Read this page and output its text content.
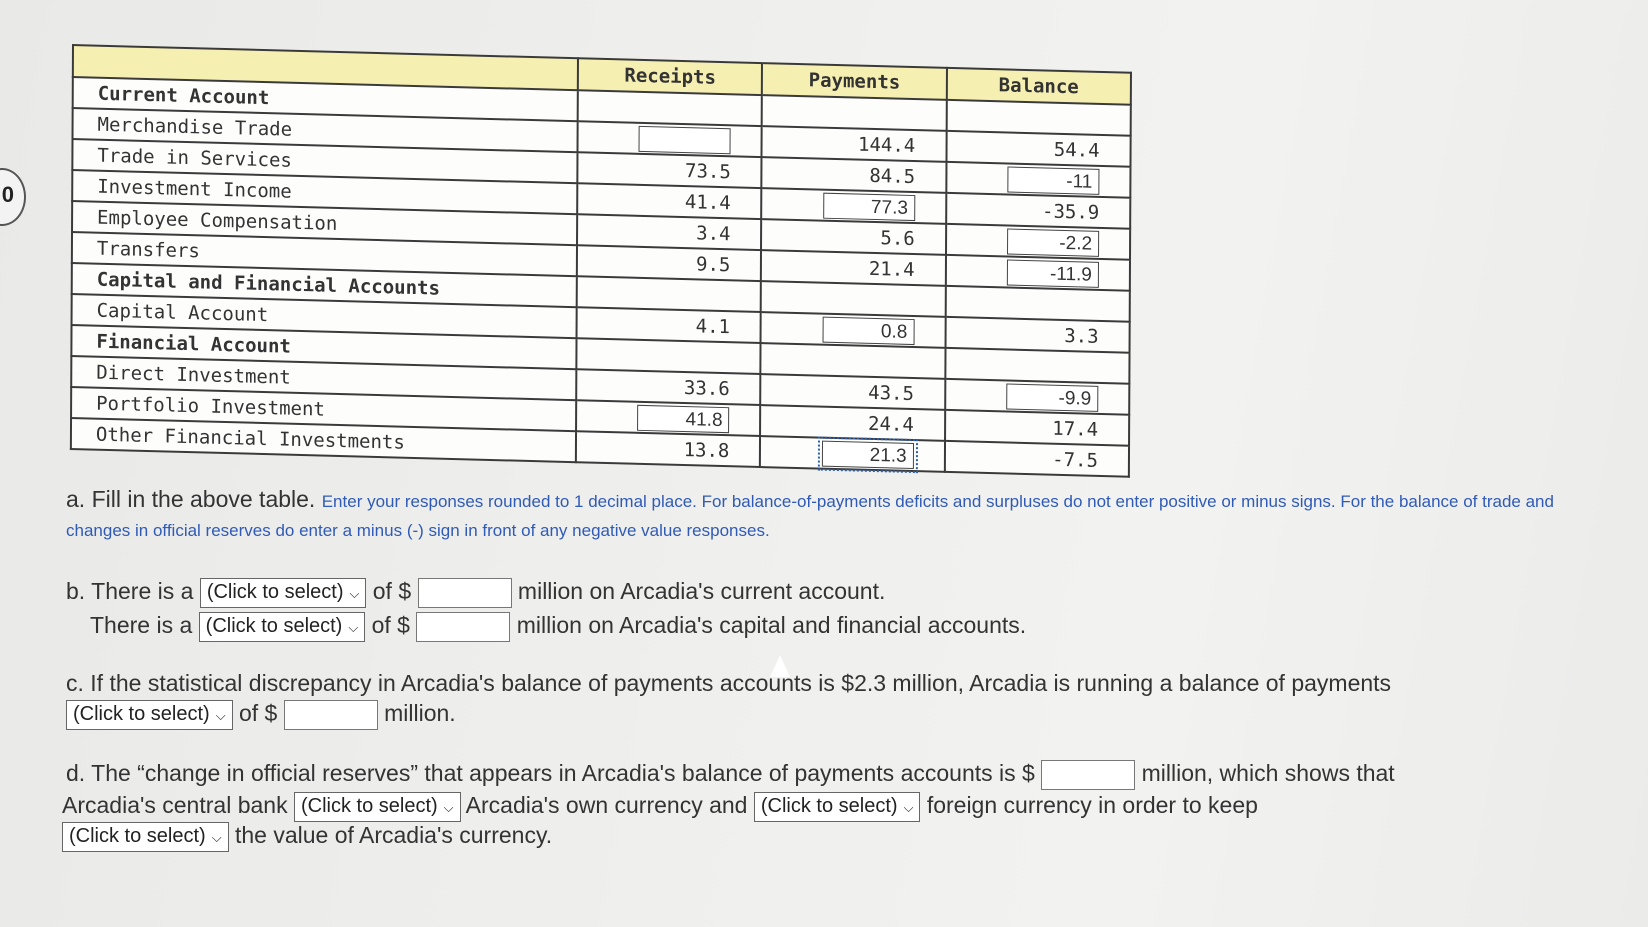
0
	Receipts	Payments	Balance
Current Account			
Merchandise Trade		144.4	54.4
Trade in Services	73.5	84.5	-11
Investment Income	41.4	77.3	-35.9
Employee Compensation	3.4	5.6	-2.2
Transfers	9.5	21.4	-11.9
Capital and Financial Accounts			
Capital Account	4.1	0.8	3.3
Financial Account			
Direct Investment	33.6	43.5	-9.9
Portfolio Investment	41.8	24.4	17.4
Other Financial Investments	13.8	21.3	-7.5
a. Fill in the above table. Enter your responses rounded to 1 decimal place. For balance-of-payments deficits and surpluses do not enter positive or minus signs. For the balance of trade and changes in official reserves do enter a minus (-) sign in front of any negative value responses.
b. There is a (Click to select) ⌵ of $	million on Arcadia's current account.
There is a (Click to select) ⌵ of $	million on Arcadia's capital and financial accounts.
c. If the statistical discrepancy in Arcadia's balance of payments accounts is $2.3 million, Arcadia is running a balance of payments
(Click to select) ⌵ of $	million.
d. The “change in official reserves” that appears in Arcadia's balance of payments accounts is $	million, which shows that
Arcadia's central bank (Click to select) ⌵ Arcadia's own currency and (Click to select) ⌵ foreign currency in order to keep
(Click to select) ⌵ the value of Arcadia's currency.
